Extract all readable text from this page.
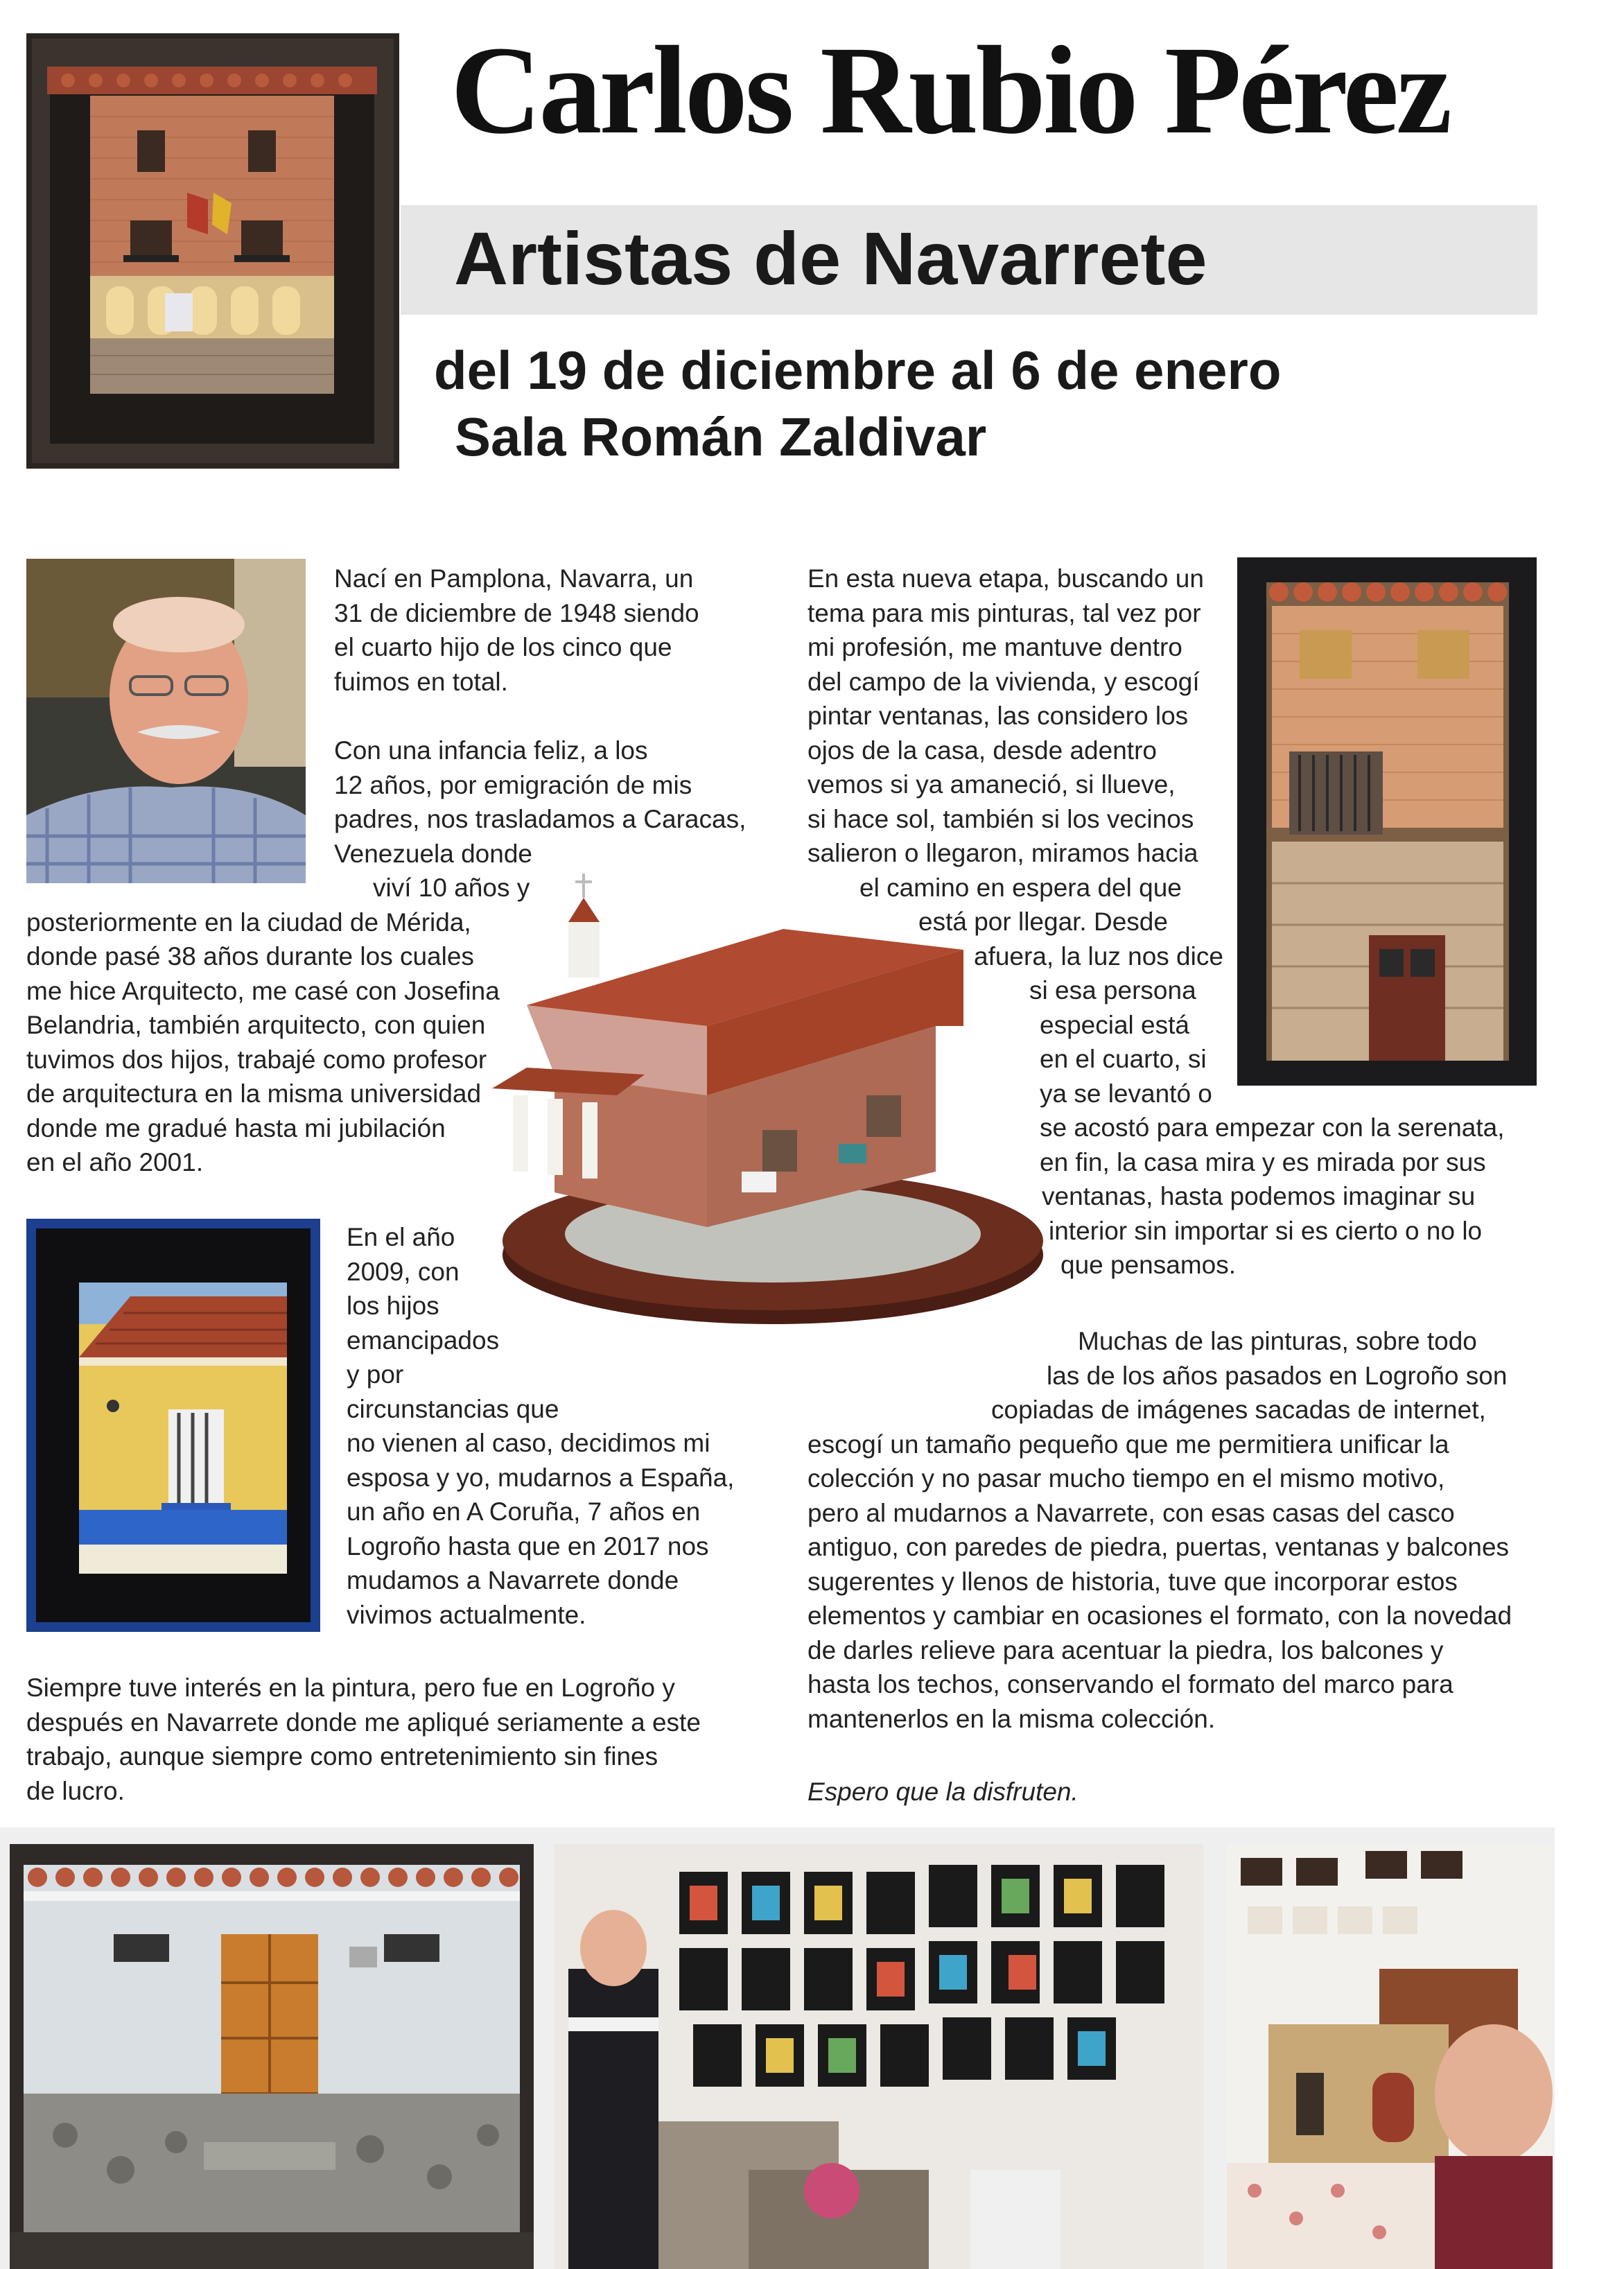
Carlos Rubio Pérez
Artistas de Navarrete
del 19 de diciembre al 6 de enero
Sala Román Zaldivar
Nací en Pamplona, Navarra, un
31 de diciembre de 1948 siendo
el cuarto hijo de los cinco que
fuimos en total.
Con una infancia feliz, a los
12 años, por emigración de mis
padres, nos trasladamos a Caracas,
Venezuela donde
viví 10 años y
posteriormente en la ciudad de Mérida,
donde pasé 38 años durante los cuales
me hice Arquitecto, me casé con Josefina
Belandria, también arquitecto, con quien
tuvimos dos hijos, trabajé como profesor
de arquitectura en la misma universidad
donde me gradué hasta mi jubilación
en el año 2001.
En el año
2009, con
los hijos
emancipados
y por
circunstancias que
no vienen al caso, decidimos mi
esposa y yo, mudarnos a España,
un año en A Coruña, 7 años en
Logroño hasta que en 2017 nos
mudamos a Navarrete donde
vivimos actualmente.
Siempre tuve interés en la pintura, pero fue en Logroño y
después en Navarrete donde me apliqué seriamente a este
trabajo, aunque siempre como entretenimiento sin fines
de lucro.
En esta nueva etapa, buscando un
tema para mis pinturas, tal vez por
mi profesión, me mantuve dentro
del campo de la vivienda, y escogí
pintar ventanas, las considero los
ojos de la casa, desde adentro
vemos si ya amaneció, si llueve,
si hace sol, también si los vecinos
salieron o llegaron, miramos hacia
el camino en espera del que
está por llegar. Desde
afuera, la luz nos dice
si esa persona
especial está
en el cuarto, si
ya se levantó o
se acostó para empezar con la serenata,
en fin, la casa mira y es mirada por sus
ventanas, hasta podemos imaginar su
interior sin importar si es cierto o no lo
que pensamos.
Muchas de las pinturas, sobre todo
las de los años pasados en Logroño son
copiadas de imágenes sacadas de internet,
escogí un tamaño pequeño que me permitiera unificar la
colección y no pasar mucho tiempo en el mismo motivo,
pero al mudarnos a Navarrete, con esas casas del casco
antiguo, con paredes de piedra, puertas, ventanas y balcones
sugerentes y llenos de historia, tuve que incorporar estos
elementos y cambiar en ocasiones el formato, con la novedad
de darles relieve para acentuar la piedra, los balcones y
hasta los techos, conservando el formato del marco para
mantenerlos en la misma colección.
Espero que la disfruten.
